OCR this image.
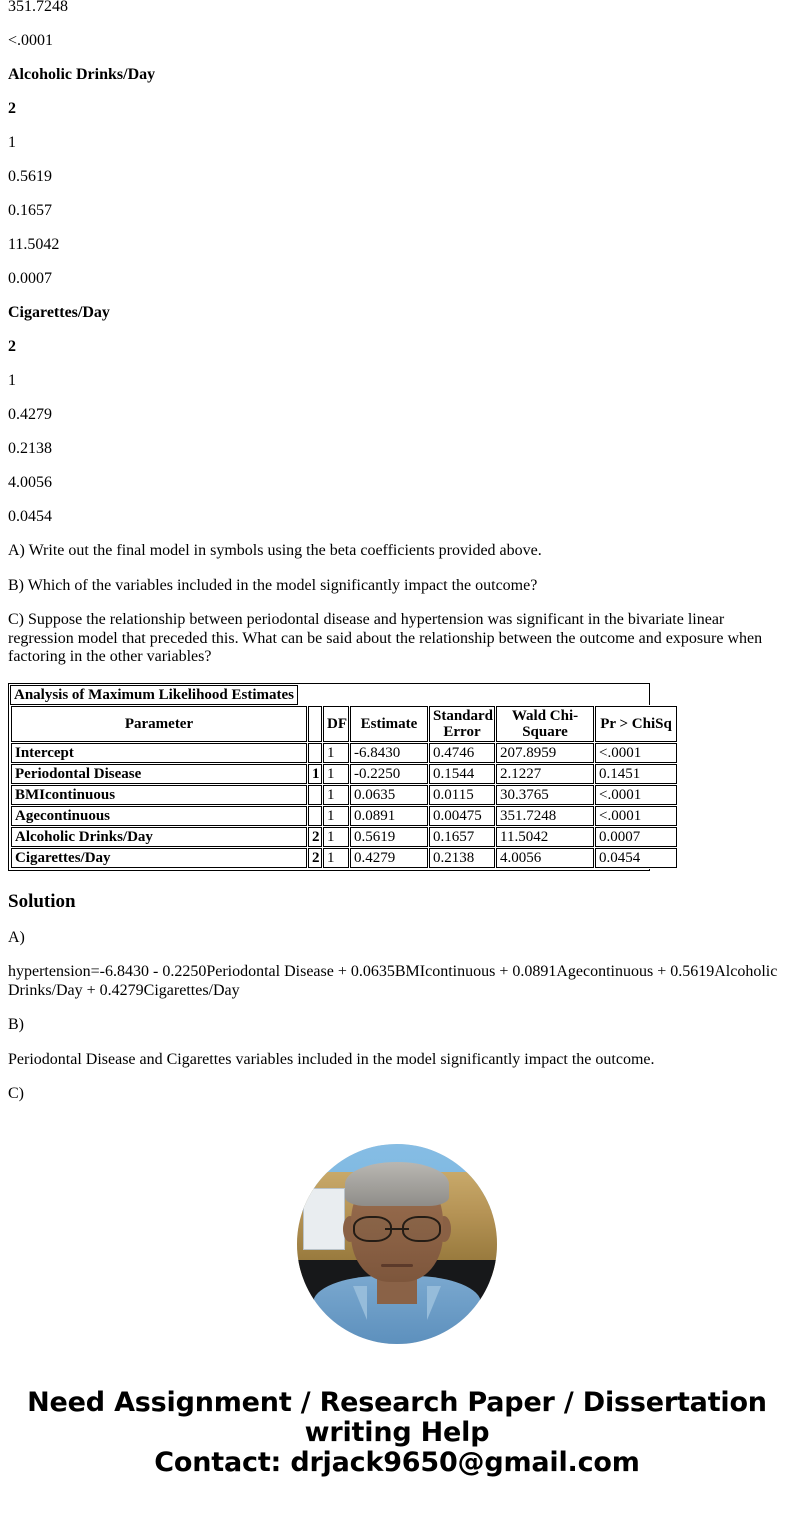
351.7248

<.0001

Alcoholic Drinks/Day

2

1

0.5619

0.1657

11.5042

0.0007

Cigarettes/Day

2

1

0.4279

0.2138

4.0056

0.0454

A) Write out the final model in symbols using the beta coefficients provided above.

B) Which of the variables included in the model significantly impact the outcome?

C) Suppose the relationship between periodontal disease and hypertension was significant in the bivariate linear regression model that preceded this. What can be said about the relationship between the outcome and exposure when factoring in the other variables?

Analysis of Maximum Likelihood Estimates
Parameter		DF	Estimate	Standard Error	Wald Chi-Square	Pr > ChiSq
Intercept		1	-6.8430	0.4746	207.8959	<.0001
Periodontal Disease	1	1	-0.2250	0.1544	2.1227	0.1451
BMIcontinuous		1	0.0635	0.0115	30.3765	<.0001
Agecontinuous		1	0.0891	0.00475	351.7248	<.0001
Alcoholic Drinks/Day	2	1	0.5619	0.1657	11.5042	0.0007
Cigarettes/Day	2	1	0.4279	0.2138	4.0056	0.0454
Solution

A)

hypertension=-6.8430 - 0.2250Periodontal Disease + 0.0635BMIcontinuous + 0.0891Agecontinuous + 0.5619Alcoholic Drinks/Day + 0.4279Cigarettes/Day

B)

Periodontal Disease and Cigarettes variables included in the model significantly impact the outcome.

C)

Need Assignment / Research Paper / Dissertation writing Help
Contact: drjack9650@gmail.com
